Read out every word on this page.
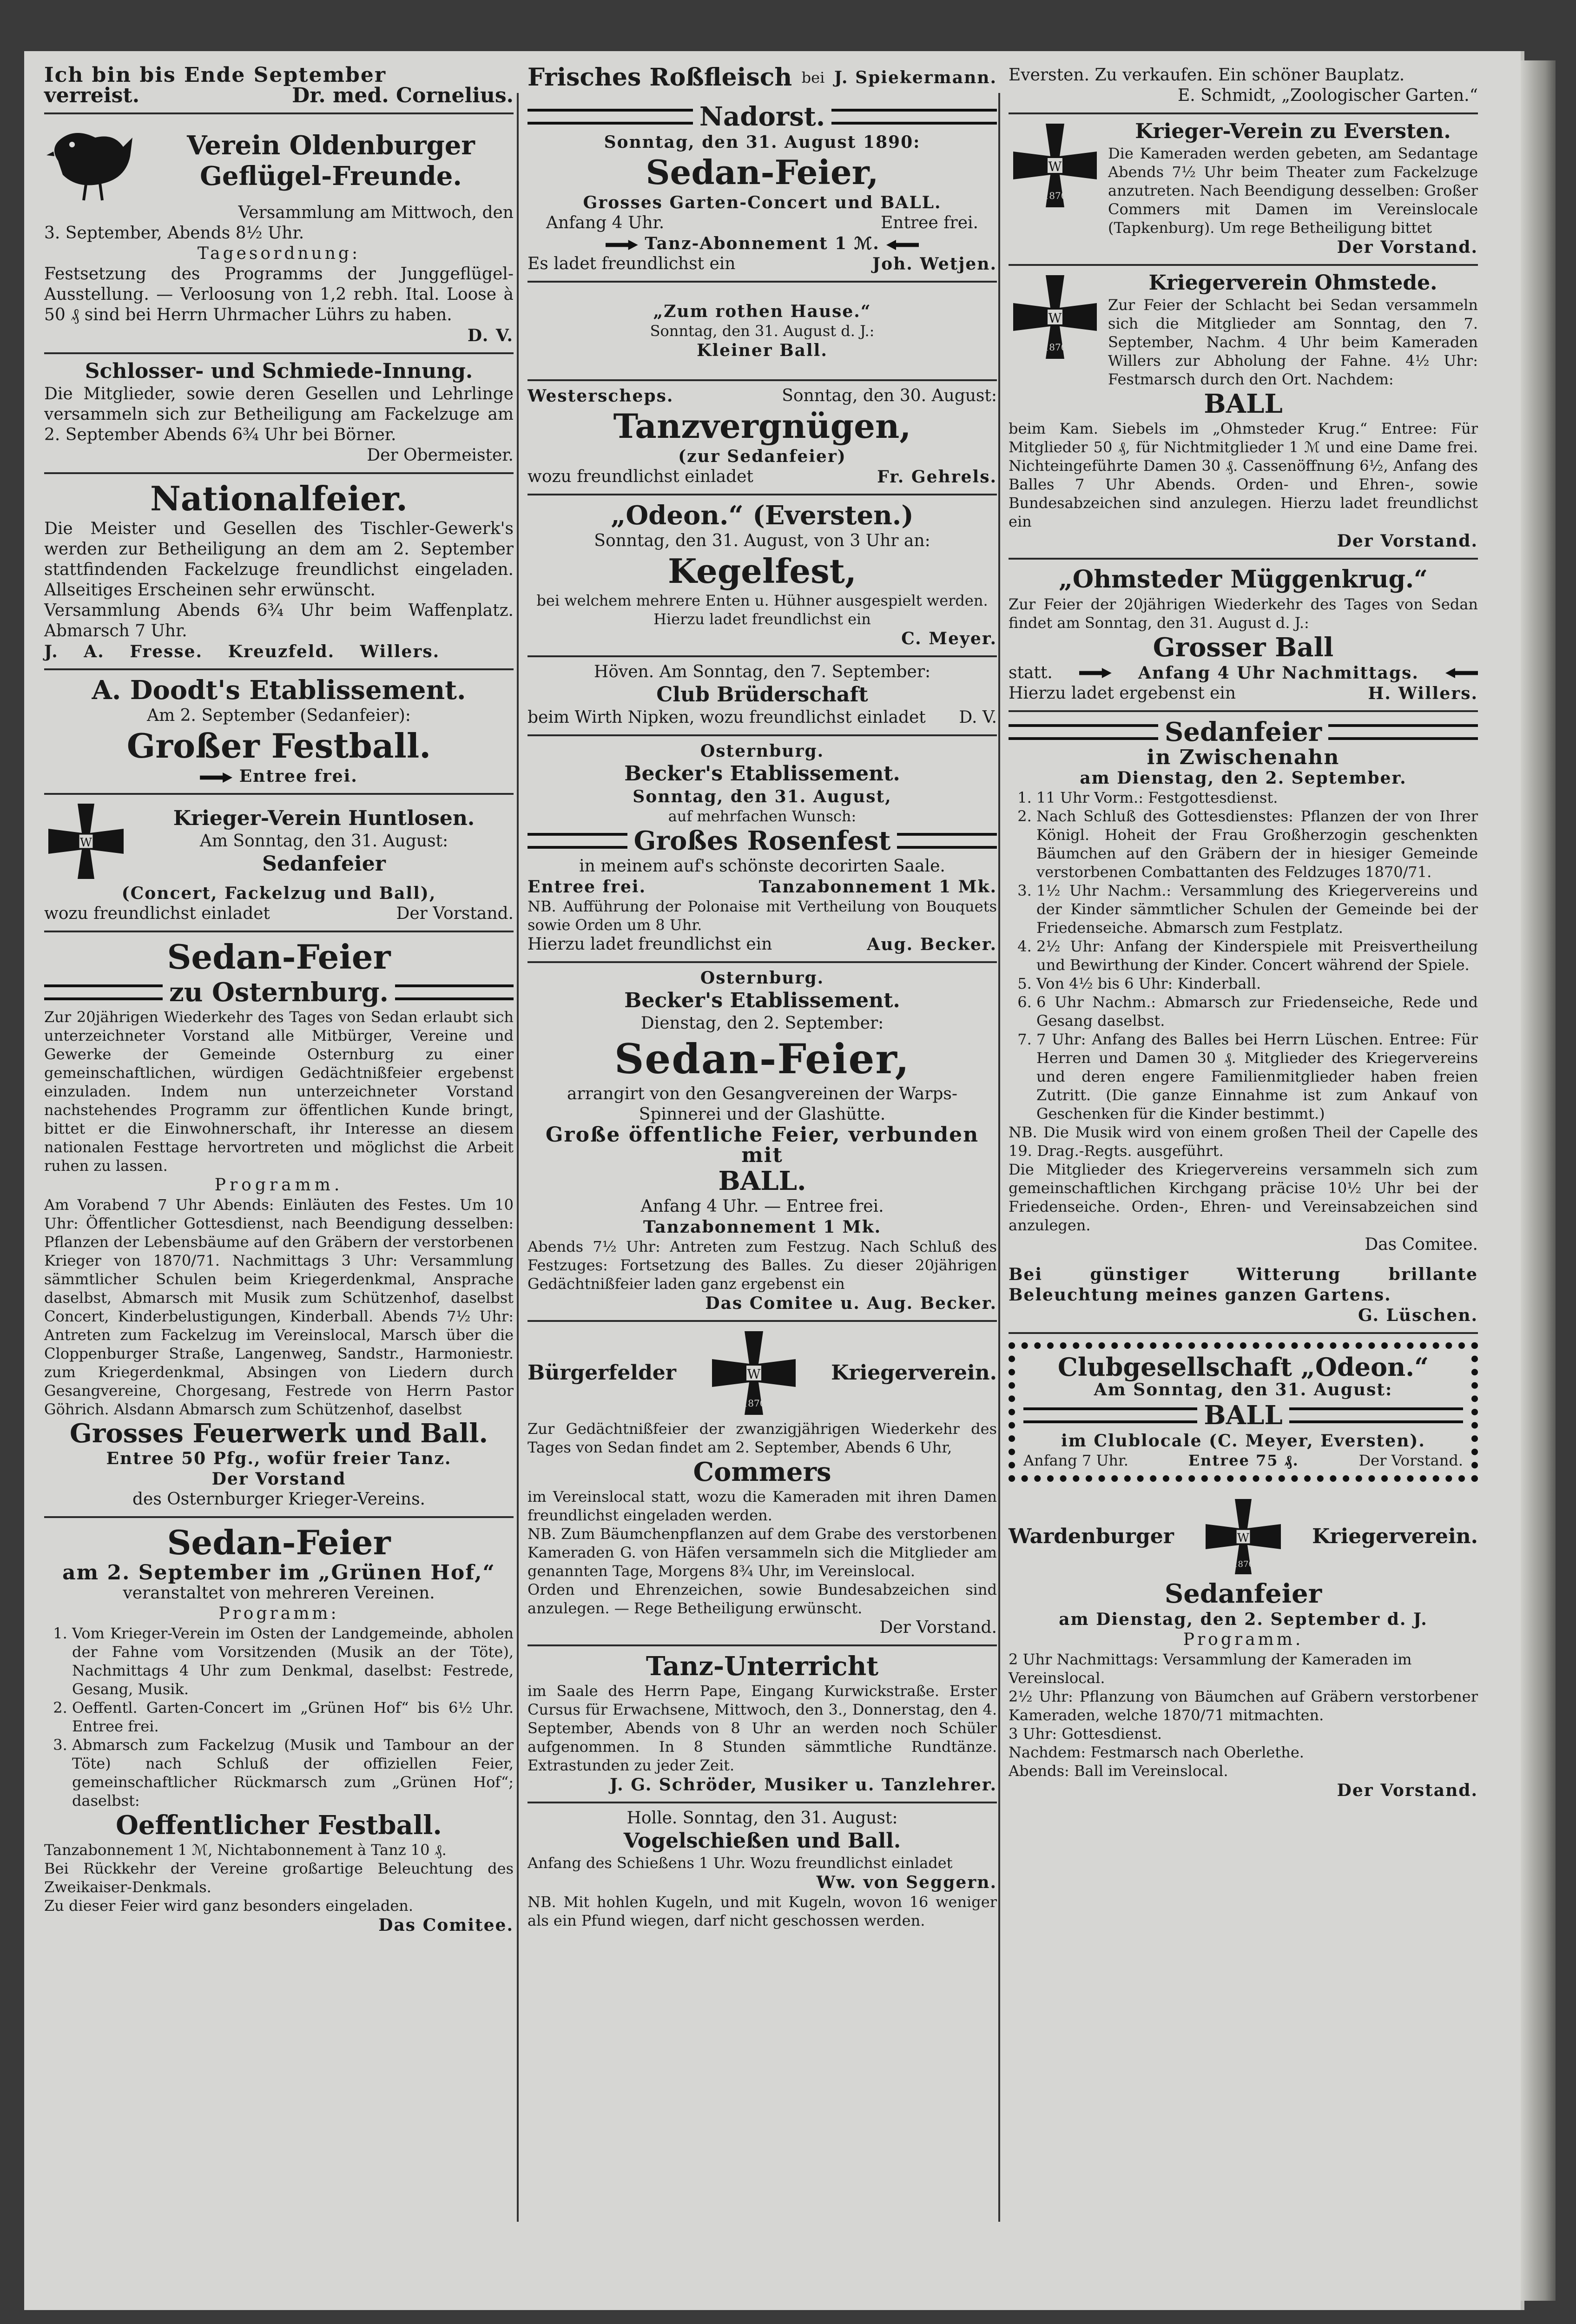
Ich bin bis Ende September
verreist.	Dr. med. Cornelius.
Verein Oldenburger Geflügel-Freunde.
Versammlung am Mittwoch, den
3. September, Abends 8½ Uhr.
Tagesordnung:
Festsetzung des Programms der Junggeflügel-Ausstellung. — Verloosung von 1,2 rebh. Ital. Loose à 50 ₰ sind bei Herrn Uhrmacher Lührs zu haben.
D. V.
Schlosser- und Schmiede-Innung.
Die Mitglieder, sowie deren Gesellen und Lehrlinge versammeln sich zur Betheiligung am Fackelzuge am 2. September Abends 6¾ Uhr bei Börner.
Der Obermeister.
Nationalfeier.
Die Meister und Gesellen des Tischler-Gewerk's werden zur Betheiligung an dem am 2. September stattfindenden Fackelzuge freundlichst eingeladen. Allseitiges Erscheinen sehr erwünscht.
Versammlung Abends 6¾ Uhr beim Waffenplatz. Abmarsch 7 Uhr.
J. A. Fresse. Kreuzfeld. Willers.
A. Doodt's Etablissement.
Am 2. September (Sedanfeier):
Großer Festball.
Entree frei.
W
Krieger-Verein Huntlosen.
Am Sonntag, den 31. August:
Sedanfeier
(Concert, Fackelzug und Ball),
wozu freundlichst einladet	Der Vorstand.
Sedan-Feier
zu Osternburg.
Zur 20jährigen Wiederkehr des Tages von Sedan erlaubt sich unterzeichneter Vorstand alle Mitbürger, Vereine und Gewerke der Gemeinde Osternburg zu einer gemeinschaftlichen, würdigen Gedächtnißfeier ergebenst einzuladen. Indem nun unterzeichneter Vorstand nachstehendes Programm zur öffentlichen Kunde bringt, bittet er die Einwohnerschaft, ihr Interesse an diesem nationalen Festtage hervortreten und möglichst die Arbeit ruhen zu lassen.
Programm.
Am Vorabend 7 Uhr Abends: Einläuten des Festes. Um 10 Uhr: Öffentlicher Gottesdienst, nach Beendigung desselben: Pflanzen der Lebensbäume auf den Gräbern der verstorbenen Krieger von 1870/71. Nachmittags 3 Uhr: Versammlung sämmtlicher Schulen beim Kriegerdenkmal, Ansprache daselbst, Abmarsch mit Musik zum Schützenhof, daselbst Concert, Kinderbelustigungen, Kinderball. Abends 7½ Uhr: Antreten zum Fackelzug im Vereinslocal, Marsch über die Cloppenburger Straße, Langenweg, Sandstr., Harmoniestr. zum Kriegerdenkmal, Absingen von Liedern durch Gesangvereine, Chorgesang, Festrede von Herrn Pastor Göhrich. Alsdann Abmarsch zum Schützenhof, daselbst
Grosses Feuerwerk und Ball.
Entree 50 Pfg., wofür freier Tanz.
Der Vorstand
des Osternburger Krieger-Vereins.
Sedan-Feier
am 2. September im „Grünen Hof,“
veranstaltet von mehreren Vereinen.
Programm:
1. Vom Krieger-Verein im Osten der Landgemeinde, abholen der Fahne vom Vorsitzenden (Musik an der Töte), Nachmittags 4 Uhr zum Denkmal, daselbst: Festrede, Gesang, Musik.
2. Oeffentl. Garten-Concert im „Grünen Hof“ bis 6½ Uhr. Entree frei.
3. Abmarsch zum Fackelzug (Musik und Tambour an der Töte) nach Schluß der offiziellen Feier, gemeinschaftlicher Rückmarsch zum „Grünen Hof“; daselbst:
Oeffentlicher Festball.
Tanzabonnement 1 ℳ, Nichtabonnement à Tanz 10 ₰.
Bei Rückkehr der Vereine großartige Beleuchtung des Zweikaiser-Denkmals.
Zu dieser Feier wird ganz besonders eingeladen.
Das Comitee.
Frisches Roßfleisch bei J. Spiekermann.
Nadorst.
Sonntag, den 31. August 1890:
Sedan-Feier,
Grosses Garten-Concert und BALL.
Anfang 4 Uhr.	Entree frei.
Tanz-Abonnement 1 ℳ.
Es ladet freundlichst ein	Joh. Wetjen.
„Zum rothen Hause.“
Sonntag, den 31. August d. J.:
Kleiner Ball.
Westerscheps.	Sonntag, den 30. August:
Tanzvergnügen,
(zur Sedanfeier)
wozu freundlichst einladet	Fr. Gehrels.
„Odeon.“ (Eversten.)
Sonntag, den 31. August, von 3 Uhr an:
Kegelfest,
bei welchem mehrere Enten u. Hühner ausgespielt werden. Hierzu ladet freundlichst ein
C. Meyer.
Höven. Am Sonntag, den 7. September:
Club Brüderschaft
beim Wirth Nipken, wozu freundlichst einladet D. V.
Osternburg.
Becker's Etablissement.
Sonntag, den 31. August,
auf mehrfachen Wunsch:
Großes Rosenfest
in meinem auf's schönste decorirten Saale.
Entree frei.	Tanzabonnement 1 Mk.
NB. Aufführung der Polonaise mit Vertheilung von Bouquets sowie Orden um 8 Uhr.
Hierzu ladet freundlichst ein	Aug. Becker.
Osternburg.
Becker's Etablissement.
Dienstag, den 2. September:
Sedan-Feier,
arrangirt von den Gesangvereinen der Warps-Spinnerei und der Glashütte.
Große öffentliche Feier, verbunden mit
BALL.
Anfang 4 Uhr. — Entree frei.
Tanzabonnement 1 Mk.
Abends 7½ Uhr: Antreten zum Festzug. Nach Schluß des Festzuges: Fortsetzung des Balles. Zu dieser 20jährigen Gedächtnißfeier laden ganz ergebenst ein
Das Comitee u. Aug. Becker.
Bürgerfelder	W
1870
Kriegerverein.
Zur Gedächtnißfeier der zwanzigjährigen Wiederkehr des Tages von Sedan findet am 2. September, Abends 6 Uhr,
Commers
im Vereinslocal statt, wozu die Kameraden mit ihren Damen freundlichst eingeladen werden.
NB. Zum Bäumchenpflanzen auf dem Grabe des verstorbenen Kameraden G. von Häfen versammeln sich die Mitglieder am genannten Tage, Morgens 8¾ Uhr, im Vereinslocal.
Orden und Ehrenzeichen, sowie Bundesabzeichen sind anzulegen. — Rege Betheiligung erwünscht.
Der Vorstand.
Tanz-Unterricht
im Saale des Herrn Pape, Eingang Kurwickstraße. Erster Cursus für Erwachsene, Mittwoch, den 3., Donnerstag, den 4. September, Abends von 8 Uhr an werden noch Schüler aufgenommen. In 8 Stunden sämmtliche Rundtänze. Extrastunden zu jeder Zeit.
J. G. Schröder, Musiker u. Tanzlehrer.
Holle. Sonntag, den 31. August:
Vogelschießen und Ball.
Anfang des Schießens 1 Uhr. Wozu freundlichst einladet
Ww. von Seggern.
NB. Mit hohlen Kugeln, und mit Kugeln, wovon 16 weniger als ein Pfund wiegen, darf nicht geschossen werden.
Eversten. Zu verkaufen. Ein schöner Bauplatz.
E. Schmidt, „Zoologischer Garten.“
W
1870
Krieger-Verein zu Eversten.
Die Kameraden werden gebeten, am Sedantage Abends 7½ Uhr beim Theater zum Fackelzuge anzutreten. Nach Beendigung desselben: Großer Commers mit Damen im Vereinslocale (Tapkenburg). Um rege Betheiligung bittet
Der Vorstand.
W
1870
Kriegerverein Ohmstede.
Zur Feier der Schlacht bei Sedan versammeln sich die Mitglieder am Sonntag, den 7. September, Nachm. 4 Uhr beim Kameraden Willers zur Abholung der Fahne. 4½ Uhr: Festmarsch durch den Ort. Nachdem:
BALL
beim Kam. Siebels im „Ohmsteder Krug.“ Entree: Für Mitglieder 50 ₰, für Nichtmitglieder 1 ℳ und eine Dame frei. Nichteingeführte Damen 30 ₰. Cassenöffnung 6½, Anfang des Balles 7 Uhr Abends. Orden- und Ehren-, sowie Bundesabzeichen sind anzulegen. Hierzu ladet freundlichst ein
Der Vorstand.
„Ohmsteder Müggenkrug.“
Zur Feier der 20jährigen Wiederkehr des Tages von Sedan findet am Sonntag, den 31. August d. J.:
Grosser Ball
statt.	Anfang 4 Uhr Nachmittags.
Hierzu ladet ergebenst ein	H. Willers.
Sedanfeier
in Zwischenahn
am Dienstag, den 2. September.
1. 11 Uhr Vorm.: Festgottesdienst.
2. Nach Schluß des Gottesdienstes: Pflanzen der von Ihrer Königl. Hoheit der Frau Großherzogin geschenkten Bäumchen auf den Gräbern der in hiesiger Gemeinde verstorbenen Combattanten des Feldzuges 1870/71.
3. 1½ Uhr Nachm.: Versammlung des Kriegervereins und der Kinder sämmtlicher Schulen der Gemeinde bei der Friedenseiche. Abmarsch zum Festplatz.
4. 2½ Uhr: Anfang der Kinderspiele mit Preisvertheilung und Bewirthung der Kinder. Concert während der Spiele.
5. Von 4½ bis 6 Uhr: Kinderball.
6. 6 Uhr Nachm.: Abmarsch zur Friedenseiche, Rede und Gesang daselbst.
7. 7 Uhr: Anfang des Balles bei Herrn Lüschen. Entree: Für Herren und Damen 30 ₰. Mitglieder des Kriegervereins und deren engere Familienmitglieder haben freien Zutritt. (Die ganze Einnahme ist zum Ankauf von Geschenken für die Kinder bestimmt.)
NB. Die Musik wird von einem großen Theil der Capelle des 19. Drag.-Regts. ausgeführt.
Die Mitglieder des Kriegervereins versammeln sich zum gemeinschaftlichen Kirchgang präcise 10½ Uhr bei der Friedenseiche. Orden-, Ehren- und Vereinsabzeichen sind anzulegen.
Das Comitee.
Bei günstiger Witterung brillante Beleuchtung meines ganzen Gartens.
G. Lüschen.
Clubgesellschaft „Odeon.“
Am Sonntag, den 31. August:
BALL
im Clublocale (C. Meyer, Eversten).
Anfang 7 Uhr.	Entree 75 ₰.	Der Vorstand.
Wardenburger	W
1870
Kriegerverein.
Sedanfeier
am Dienstag, den 2. September d. J.
Programm.
2 Uhr Nachmittags: Versammlung der Kameraden im Vereinslocal.
2½ Uhr: Pflanzung von Bäumchen auf Gräbern verstorbener Kameraden, welche 1870/71 mitmachten.
3 Uhr: Gottesdienst.
Nachdem: Festmarsch nach Oberlethe.
Abends: Ball im Vereinslocal.
Der Vorstand.
